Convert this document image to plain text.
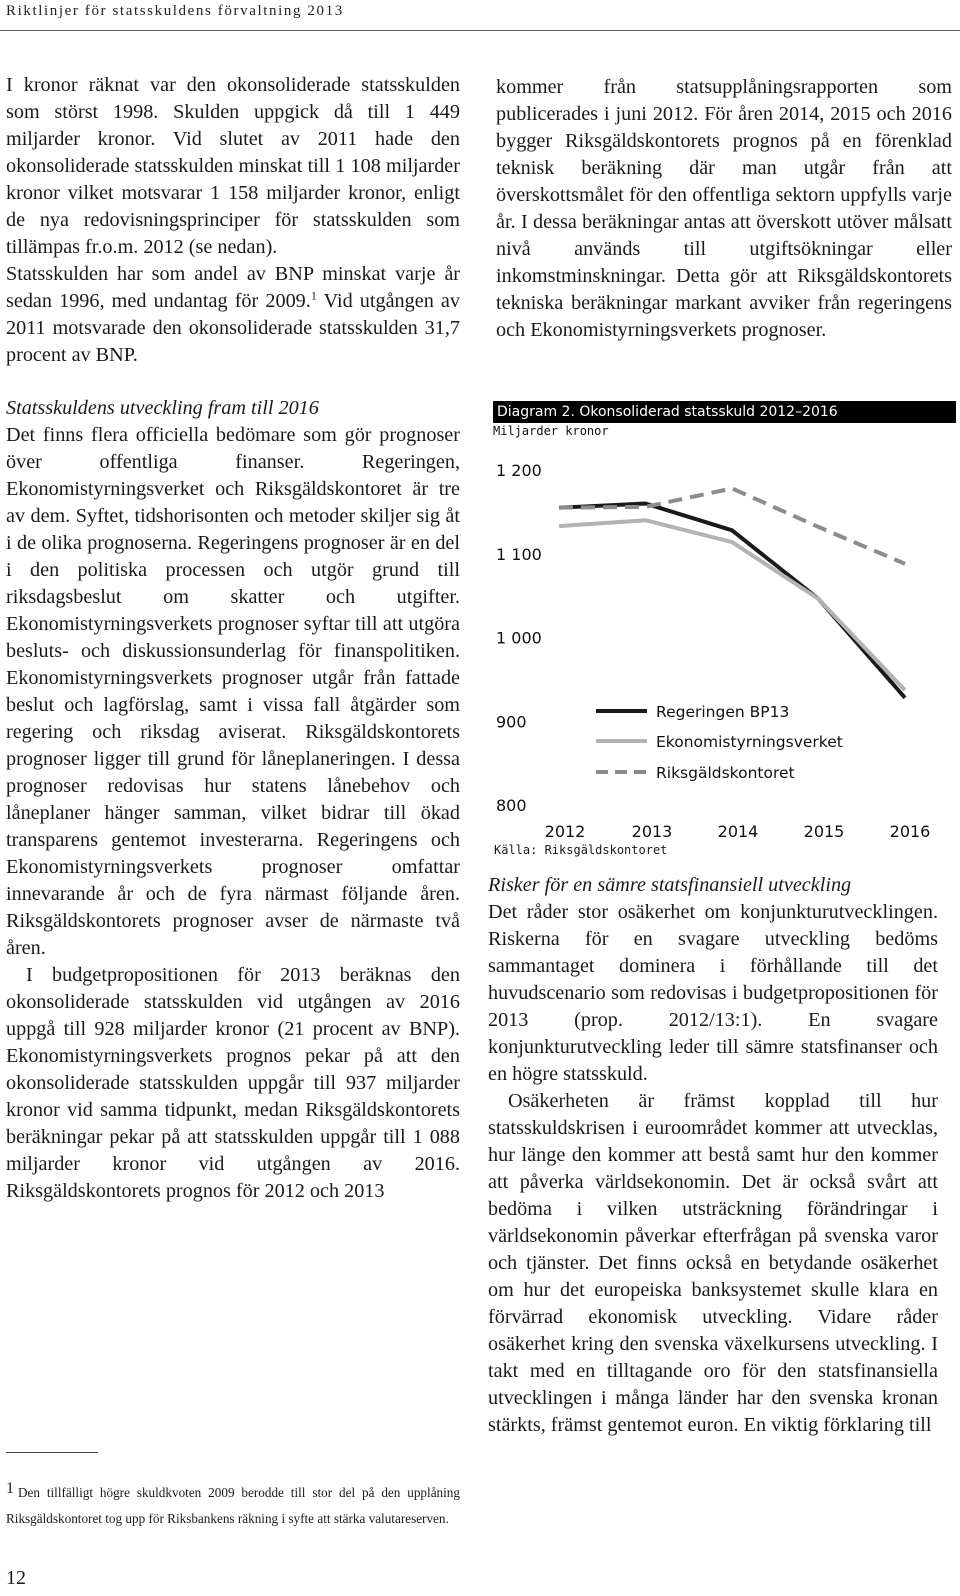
Riktlinjer för statsskuldens förvaltning 2013

I kronor räknat var den okonsoliderade statsskulden som störst 1998. Skulden uppgick då till 1 449 miljarder kronor. Vid slutet av 2011 hade den okonsoliderade statsskulden minskat till 1 108 miljarder kronor vilket motsvarar 1 158 miljarder kronor, enligt de nya redovisningsprinciper för statsskulden som tillämpas fr.o.m. 2012 (se nedan).

Statsskulden har som andel av BNP minskat varje år sedan 1996, med undantag för 2009.$^1$ Vid utgången av 2011 motsvarade den okonsoliderade statsskulden 31,7 procent av BNP.

Statsskuldens utveckling fram till 2016

Det finns flera officiella bedömare som gör prognoser över offentliga finanser. Regeringen, Ekonomistyrningsverket och Riksgäldskontoret är tre av dem. Syftet, tidshorisonten och metoder skiljer sig åt i de olika prognoserna. Regeringens prognoser är en del i den politiska processen och utgör grund till riksdagsbeslut om skatter och utgifter. Ekonomistyrningsverkets prognoser syftar till att utgöra besluts- och diskussionsunderlag för finanspolitiken. Ekonomistyrningsverkets prognoser utgår från fattade beslut och lagförslag, samt i vissa fall åtgärder som regering och riksdag aviserat. Riksgäldskontorets prognoser ligger till grund för låneplaneringen. I dessa prognoser redovisas hur statens lånebehov och låneplaner hänger samman, vilket bidrar till ökad transparens gentemot investerarna. Regeringens och Ekonomistyrningsverkets prognoser omfattar innevarande år och de fyra närmast följande åren. Riksgäldskontorets prognoser avser de närmaste två åren.

I budgetpropositionen för 2013 beräknas den okonsoliderade statsskulden vid utgången av 2016 uppgå till 928 miljarder kronor (21 procent av BNP). Ekonomistyrningsverkets prognos pekar på att den okonsoliderade statsskulden uppgår till 937 miljarder kronor vid samma tidpunkt, medan Riksgäldskontorets beräkningar pekar på att statsskulden uppgår till 1 088 miljarder kronor vid utgången av 2016. Riksgäldskontorets prognos för 2012 och 2013

1 Den tillfälligt högre skuldkvoten 2009 berodde till stor del på den upplåning Riksgäldskontoret tog upp för Riksbankens räkning i syfte att stärka valutareserven.
12

kommer från statsupplåningsrapporten som publicerades i juni 2012. För åren 2014, 2015 och 2016 bygger Riksgäldskontorets prognos på en förenklad teknisk beräkning där man utgår från att överskottsmålet för den offentliga sektorn uppfylls varje år. I dessa beräkningar antas att överskott utöver målsatt nivå används till utgiftsökningar eller inkomstminskningar. Detta gör att Riksgäldskontorets tekniska beräkningar markant avviker från regeringens och Ekonomistyrningsverkets prognoser.

Diagram 2. Okonsoliderad statsskuld 2012–2016
Miljarder kronor
800
900
1 000
1 100
1 200
2012	2013	2014	2015	2016
Regeringen BP13
Ekonomistyrningsverket
Riksgäldskontoret
Källa: Riksgäldskontoret

Risker för en sämre statsfinansiell utveckling

Det råder stor osäkerhet om konjunkturutvecklingen. Riskerna för en svagare utveckling bedöms sammantaget dominera i förhållande till det huvudscenario som redovisas i budgetpropositionen för 2013 (prop. 2012/13:1). En svagare konjunkturutveckling leder till sämre statsfinanser och en högre statsskuld.

Osäkerheten är främst kopplad till hur statsskuldskrisen i euroområdet kommer att utvecklas, hur länge den kommer att bestå samt hur den kommer att påverka världsekonomin. Det är också svårt att bedöma i vilken utsträckning förändringar i världsekonomin påverkar efterfrågan på svenska varor och tjänster. Det finns också en betydande osäkerhet om hur det europeiska banksystemet skulle klara en förvärrad ekonomisk utveckling. Vidare råder osäkerhet kring den svenska växelkursens utveckling. I takt med en tilltagande oro för den statsfinansiella utvecklingen i många länder har den svenska kronan stärkts, främst gentemot euron. En viktig förklaring till
